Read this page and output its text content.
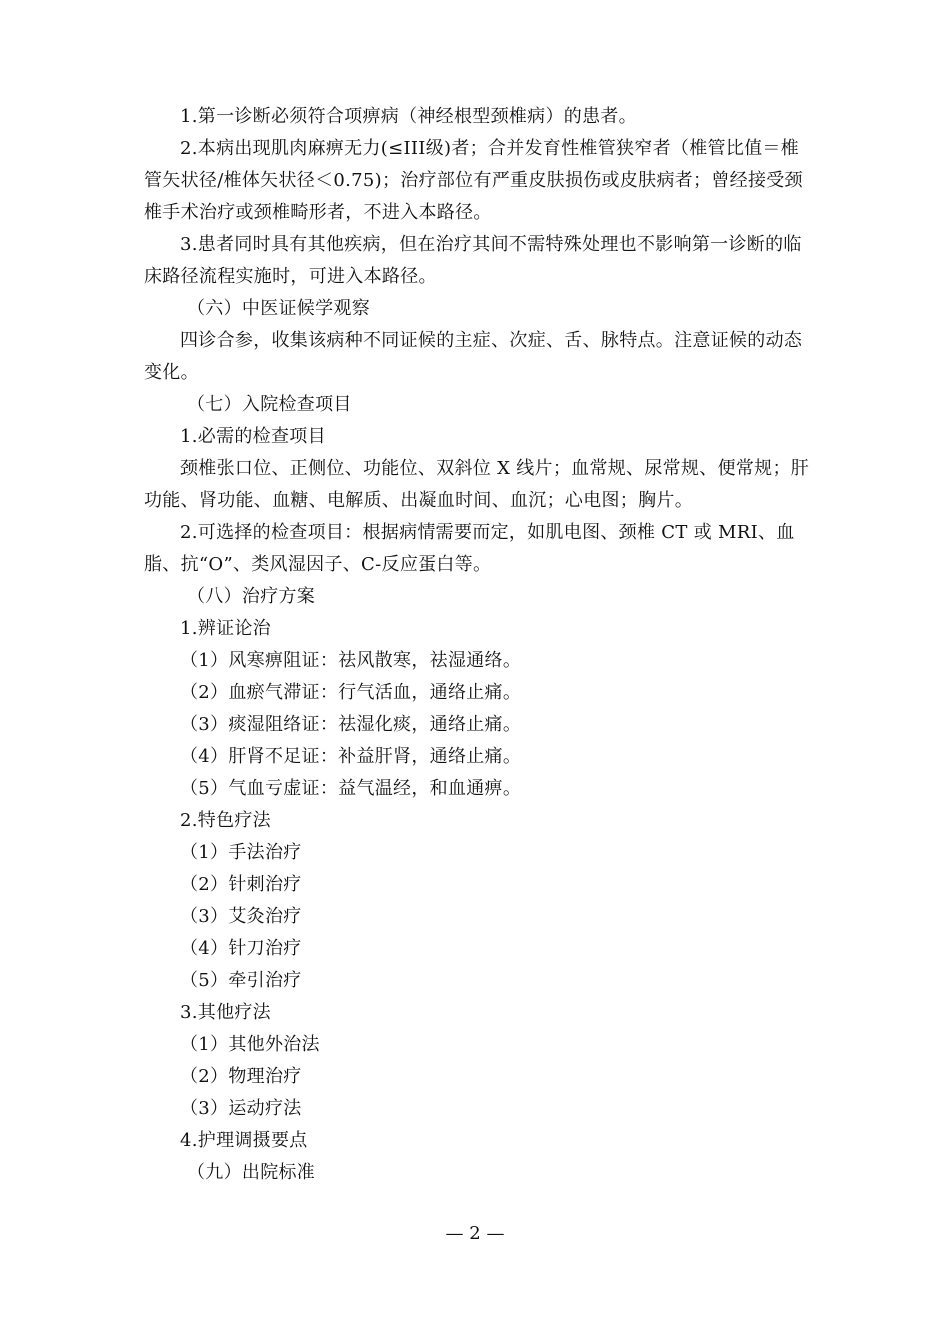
1.第一诊断必须符合项痹病（神经根型颈椎病）的患者。

2.本病出现肌肉麻痹无力(≤III级)者；合并发育性椎管狭窄者（椎管比值＝椎管矢状径/椎体矢状径＜0.75)；治疗部位有严重皮肤损伤或皮肤病者；曾经接受颈椎手术治疗或颈椎畸形者，不进入本路径。

3.患者同时具有其他疾病，但在治疗其间不需特殊处理也不影响第一诊断的临床路径流程实施时，可进入本路径。

（六）中医证候学观察

四诊合参，收集该病种不同证候的主症、次症、舌、脉特点。注意证候的动态变化。

（七）入院检查项目

1.必需的检查项目

颈椎张口位、正侧位、功能位、双斜位 X 线片；血常规、尿常规、便常规；肝功能、肾功能、血糖、电解质、出凝血时间、血沉；心电图；胸片。

2.可选择的检查项目：根据病情需要而定，如肌电图、颈椎 CT 或 MRI、血脂、抗“O”、类风湿因子、C-反应蛋白等。

（八）治疗方案

1.辨证论治

（1）风寒痹阻证：祛风散寒，祛湿通络。

（2）血瘀气滞证：行气活血，通络止痛。

（3）痰湿阻络证：祛湿化痰，通络止痛。

（4）肝肾不足证：补益肝肾，通络止痛。

（5）气血亏虚证：益气温经，和血通痹。

2.特色疗法

（1）手法治疗

（2）针刺治疗

（3）艾灸治疗

（4）针刀治疗

（5）牵引治疗

3.其他疗法

（1）其他外治法

（2）物理治疗

（3）运动疗法

4.护理调摄要点

（九）出院标准

— 2 —
